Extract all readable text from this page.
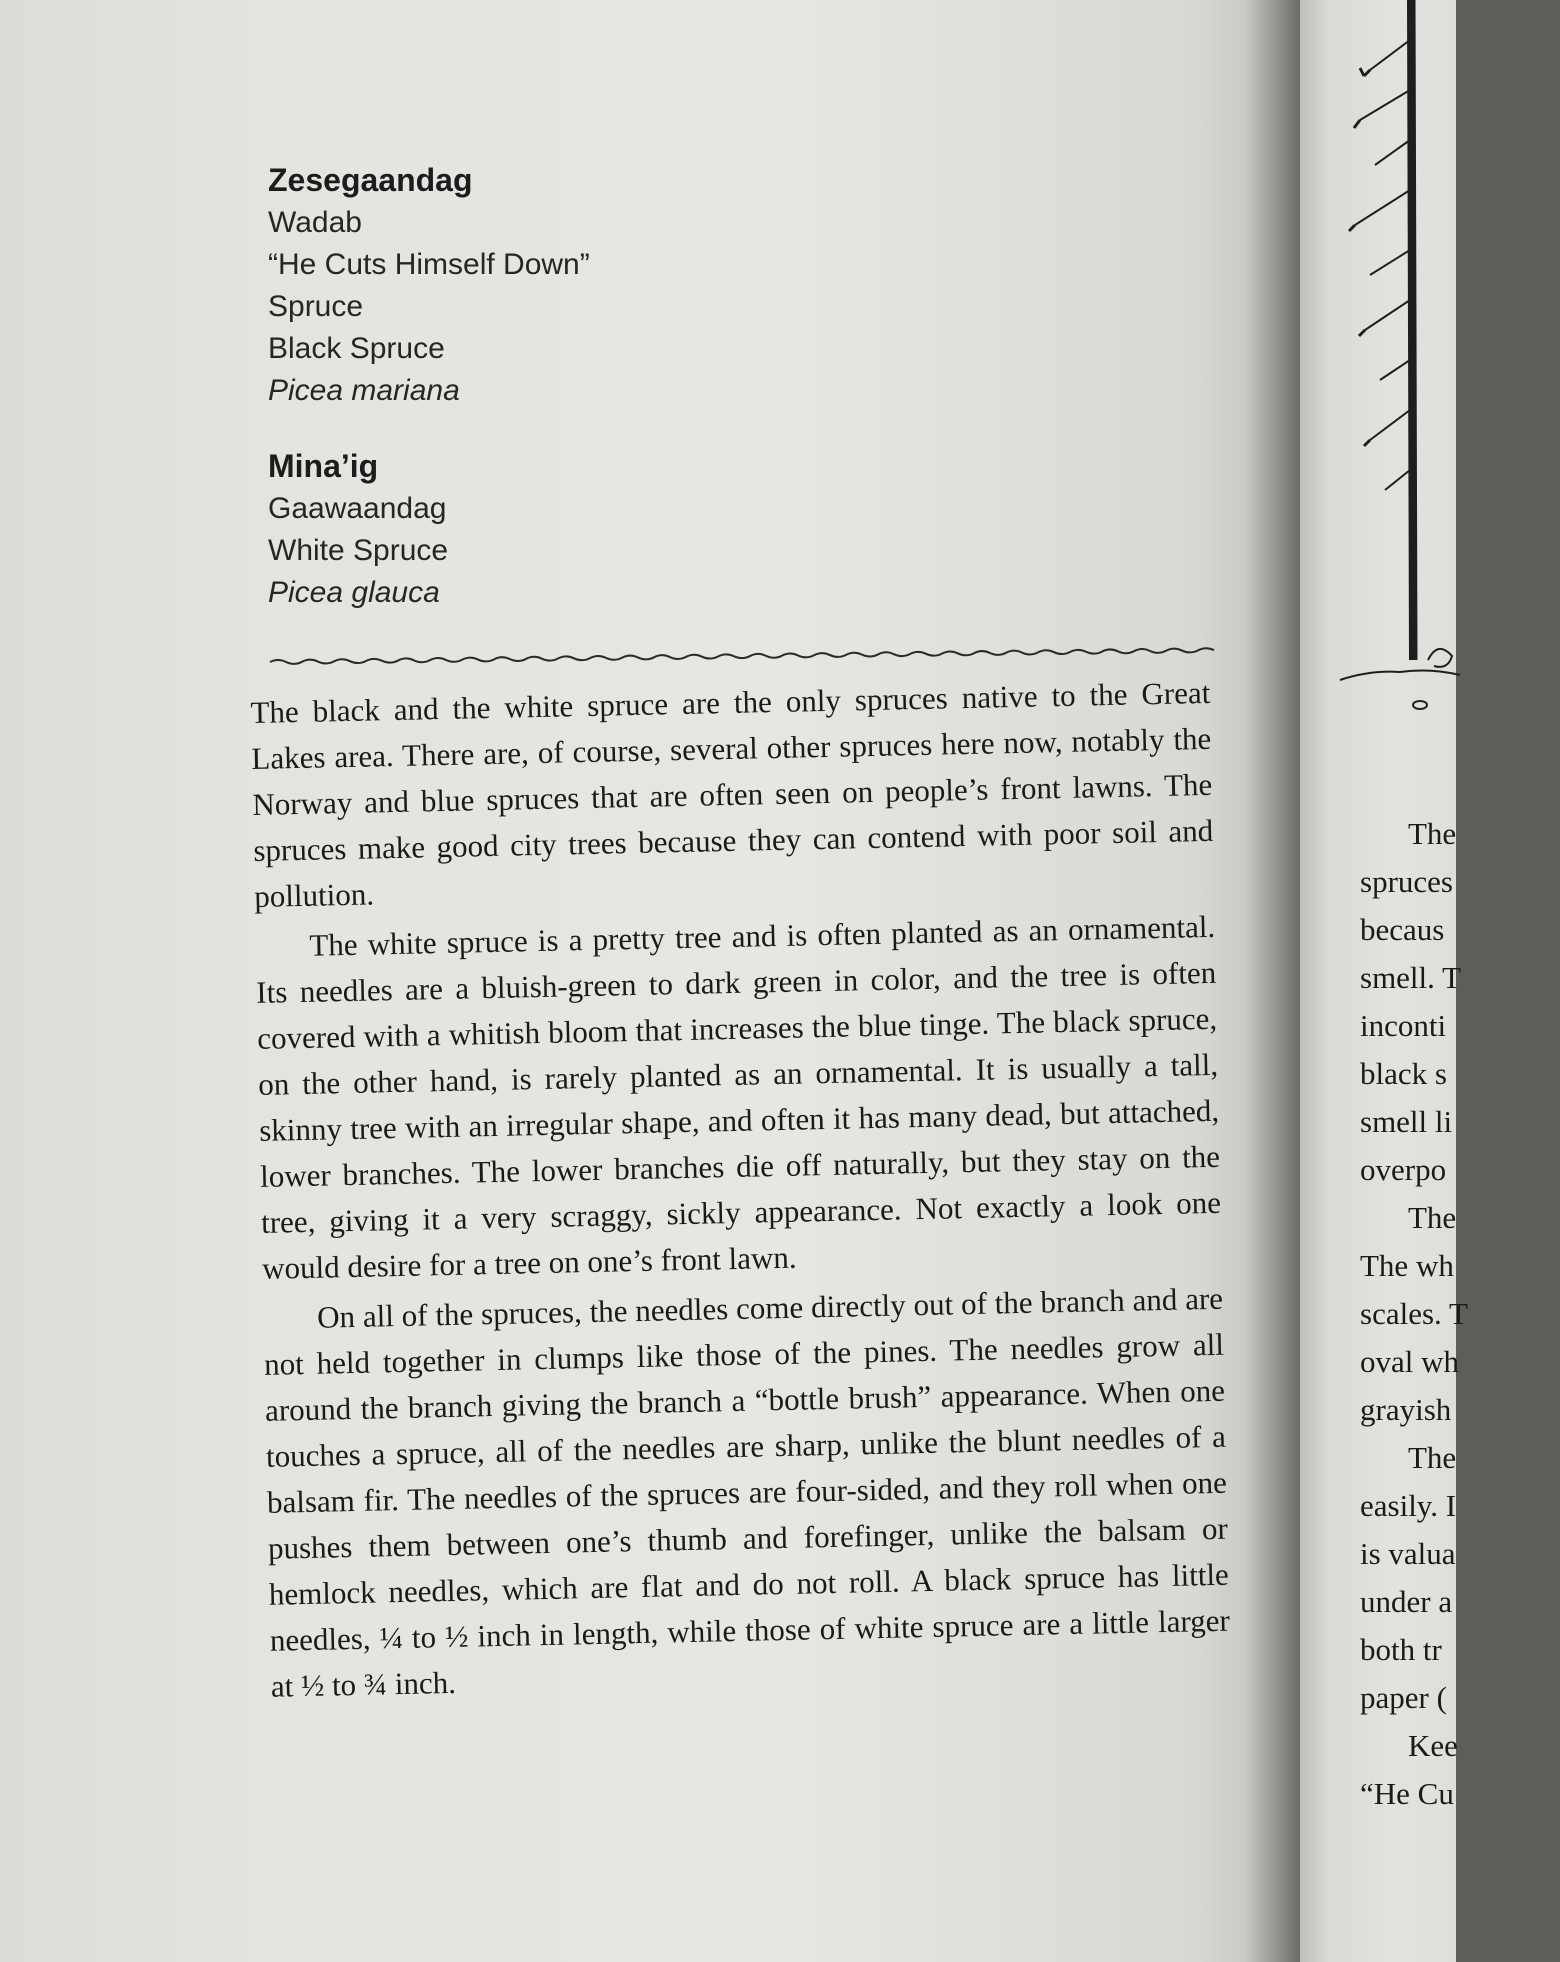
Zesegaandag
Wadab
“He Cuts Himself Down”
Spruce
Black Spruce
Picea mariana
Mina’ig
Gaawaandag
White Spruce
Picea glauca

The black and the white spruce are the only spruces native to the Great Lakes area. There are, of course, several other spruces here now, notably the Norway and blue spruces that are often seen on people’s front lawns. The spruces make good city trees because they can contend with poor soil and pollution.

The white spruce is a pretty tree and is often planted as an ornamental. Its needles are a bluish-green to dark green in color, and the tree is often covered with a whitish bloom that increases the blue tinge. The black spruce, on the other hand, is rarely planted as an ornamental. It is usually a tall, skinny tree with an irregular shape, and often it has many dead, but attached, lower branches. The lower branches die off naturally, but they stay on the tree, giving it a very scraggy, sickly appearance. Not exactly a look one would desire for a tree on one’s front lawn.

On all of the spruces, the needles come directly out of the branch and are not held together in clumps like those of the pines. The needles grow all around the branch giving the branch a “bottle brush” appearance. When one touches a spruce, all of the needles are sharp, unlike the blunt needles of a balsam fir. The needles of the spruces are four-sided, and they roll when one pushes them between one’s thumb and forefinger, unlike the balsam or hemlock needles, which are flat and do not roll. A black spruce has little needles, ¼ to ½ inch in length, while those of white spruce are a little larger at ½ to ¾ inch.

The
spruces
becaus
smell. T
inconti
black s
smell li
overpo
The
The wh
scales. T
oval wh
grayish
The
easily. I
is valua
under a
both tr
paper (
Kee
“He Cu
